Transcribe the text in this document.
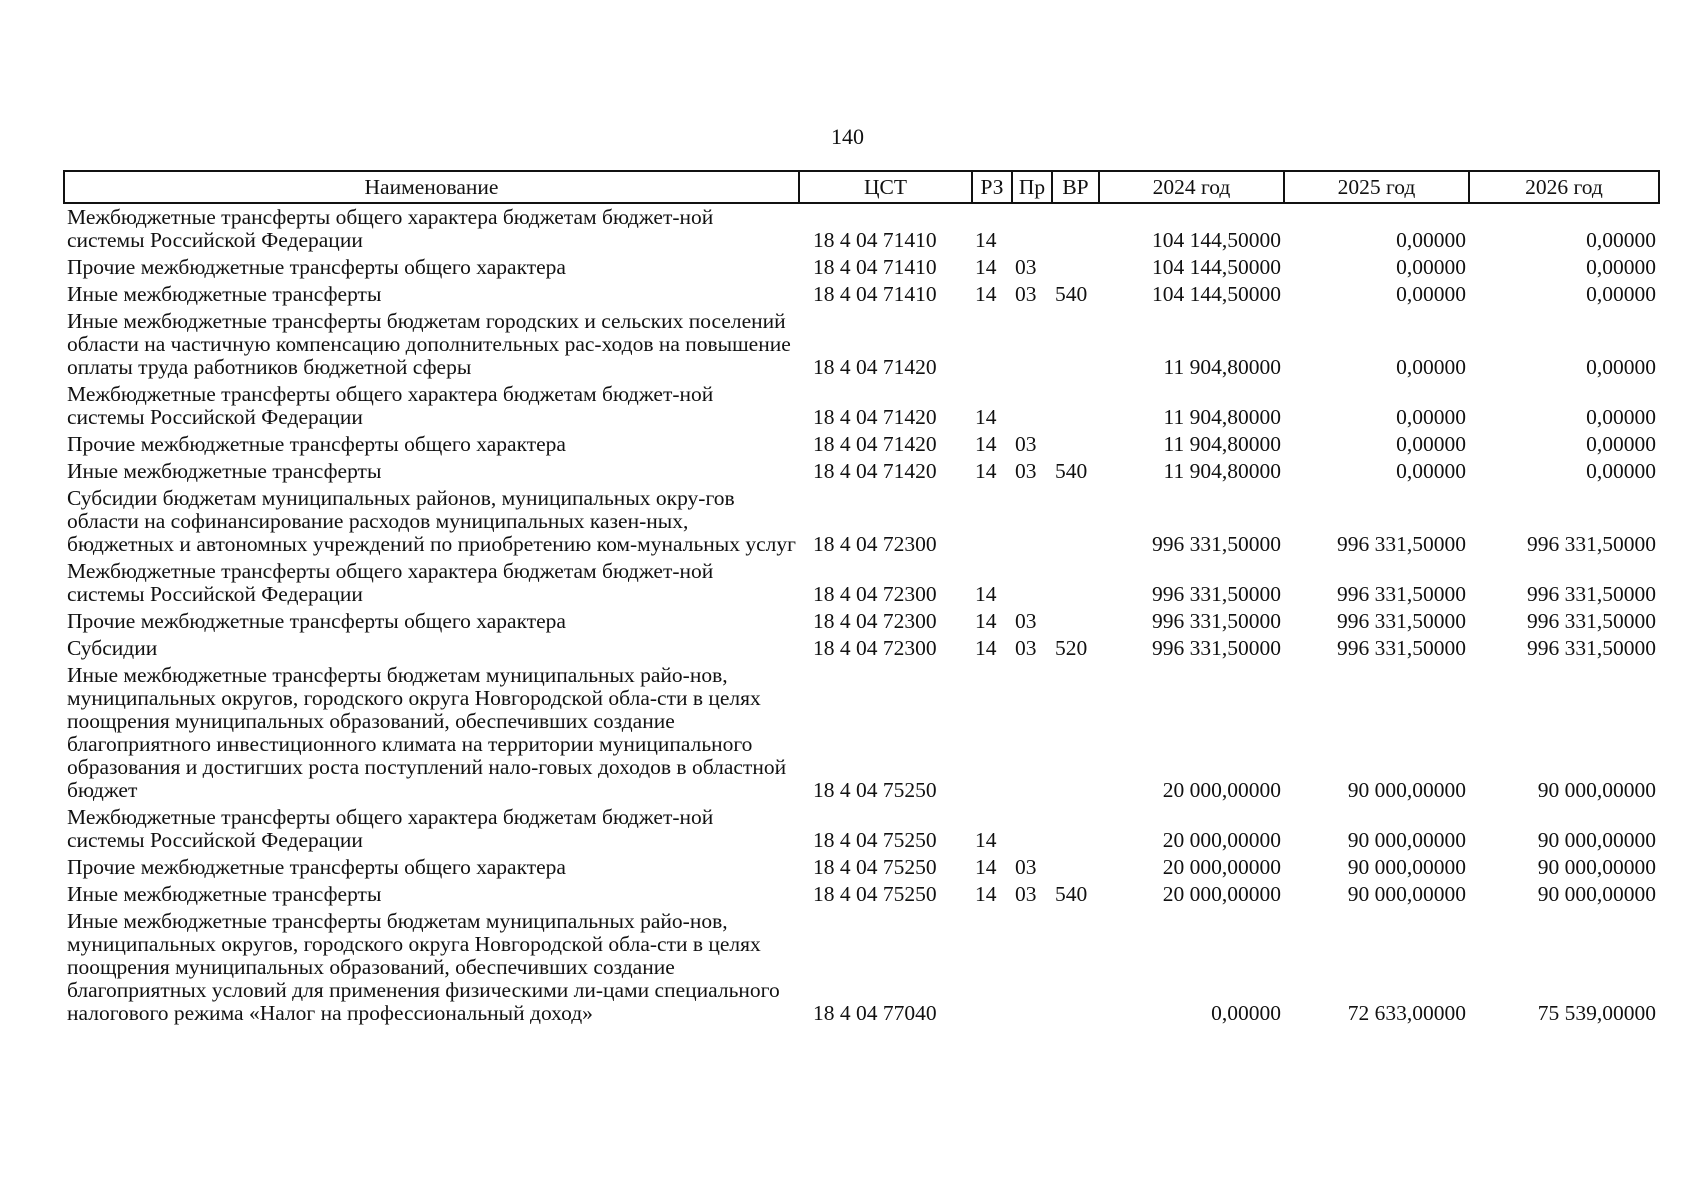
140
Наименование	ЦСТ	РЗ	Пр	ВР	2024 год	2025 год	2026 год
Межбюджетные трансферты общего характера бюджетам бюджет-ной системы Российской Федерации	18 4 04 71410	14			104 144,50000	0,00000	0,00000
Прочие межбюджетные трансферты общего характера	18 4 04 71410	14	03		104 144,50000	0,00000	0,00000
Иные межбюджетные трансферты	18 4 04 71410	14	03	540	104 144,50000	0,00000	0,00000
Иные межбюджетные трансферты бюджетам городских и сельских поселений области на частичную компенсацию дополнительных рас-ходов на повышение оплаты труда работников бюджетной сферы	18 4 04 71420				11 904,80000	0,00000	0,00000
Межбюджетные трансферты общего характера бюджетам бюджет-ной системы Российской Федерации	18 4 04 71420	14			11 904,80000	0,00000	0,00000
Прочие межбюджетные трансферты общего характера	18 4 04 71420	14	03		11 904,80000	0,00000	0,00000
Иные межбюджетные трансферты	18 4 04 71420	14	03	540	11 904,80000	0,00000	0,00000
Субсидии бюджетам муниципальных районов, муниципальных окру-гов области на софинансирование расходов муниципальных казен-ных, бюджетных и автономных учреждений по приобретению ком-мунальных услуг	18 4 04 72300				996 331,50000	996 331,50000	996 331,50000
Межбюджетные трансферты общего характера бюджетам бюджет-ной системы Российской Федерации	18 4 04 72300	14			996 331,50000	996 331,50000	996 331,50000
Прочие межбюджетные трансферты общего характера	18 4 04 72300	14	03		996 331,50000	996 331,50000	996 331,50000
Субсидии	18 4 04 72300	14	03	520	996 331,50000	996 331,50000	996 331,50000
Иные межбюджетные трансферты бюджетам муниципальных райо-нов, муниципальных округов, городского округа Новгородской обла-сти в целях поощрения муниципальных образований, обеспечивших создание благоприятного инвестиционного климата на территории муниципального образования и достигших роста поступлений нало-говых доходов в областной бюджет	18 4 04 75250				20 000,00000	90 000,00000	90 000,00000
Межбюджетные трансферты общего характера бюджетам бюджет-ной системы Российской Федерации	18 4 04 75250	14			20 000,00000	90 000,00000	90 000,00000
Прочие межбюджетные трансферты общего характера	18 4 04 75250	14	03		20 000,00000	90 000,00000	90 000,00000
Иные межбюджетные трансферты	18 4 04 75250	14	03	540	20 000,00000	90 000,00000	90 000,00000
Иные межбюджетные трансферты бюджетам муниципальных райо-нов, муниципальных округов, городского округа Новгородской обла-сти в целях поощрения муниципальных образований, обеспечивших создание благоприятных условий для применения физическими ли-цами специального налогового режима «Налог на профессиональный доход»	18 4 04 77040				0,00000	72 633,00000	75 539,00000
